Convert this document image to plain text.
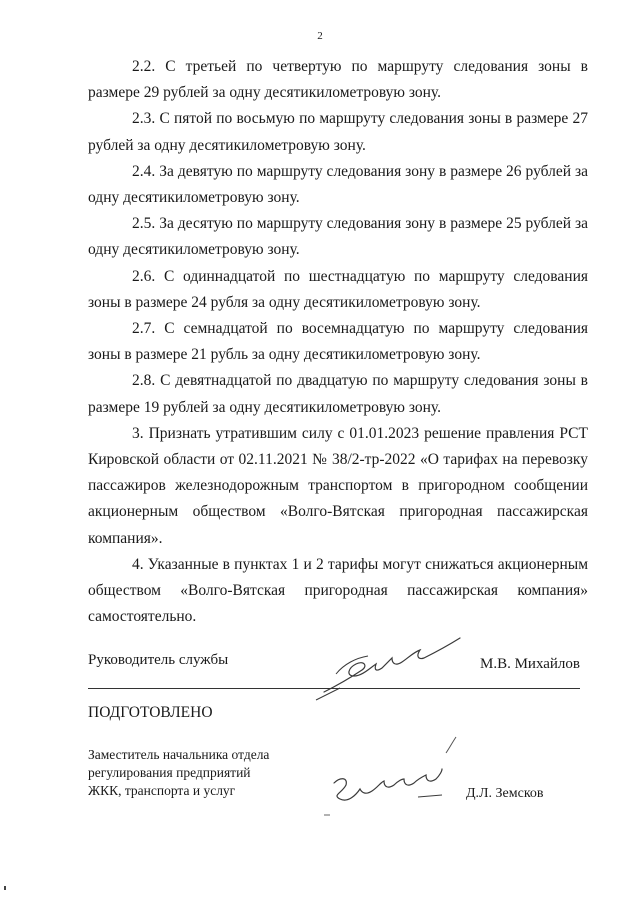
2

2.2. С третьей по четвертую по маршруту следования зоны в размере 29 рублей за одну десятикилометровую зону.

2.3. С пятой по восьмую по маршруту следования зоны в размере 27 рублей за одну десятикилометровую зону.

2.4. За девятую по маршруту следования зону в размере 26 рублей за одну десятикилометровую зону.

2.5. За десятую по маршруту следования зону в размере 25 рублей за одну десятикилометровую зону.

2.6. С одиннадцатой по шестнадцатую по маршруту следования зоны в размере 24 рубля за одну десятикилометровую зону.

2.7. С семнадцатой по восемнадцатую по маршруту следования зоны в размере 21 рубль за одну десятикилометровую зону.

2.8. С девятнадцатой по двадцатую по маршруту следования зоны в размере 19 рублей за одну десятикилометровую зону.

3. Признать утратившим силу с 01.01.2023 решение правления РСТ Кировской области от 02.11.2021 № 38/2-тр-2022 «О тарифах на перевозку пассажиров железнодорожным транспортом в пригородном сообщении акционерным обществом «Волго-Вятская пригородная пассажирская компания».

4. Указанные в пунктах 1 и 2 тарифы могут снижаться акционерным обществом «Волго-Вятская пригородная пассажирская компания» самостоятельно.

Руководитель службы	М.В. Михайлов
ПОДГОТОВЛЕНО
Заместитель начальника отдела
регулирования предприятий
ЖКК, транспорта и услуг	Д.Л. Земсков
